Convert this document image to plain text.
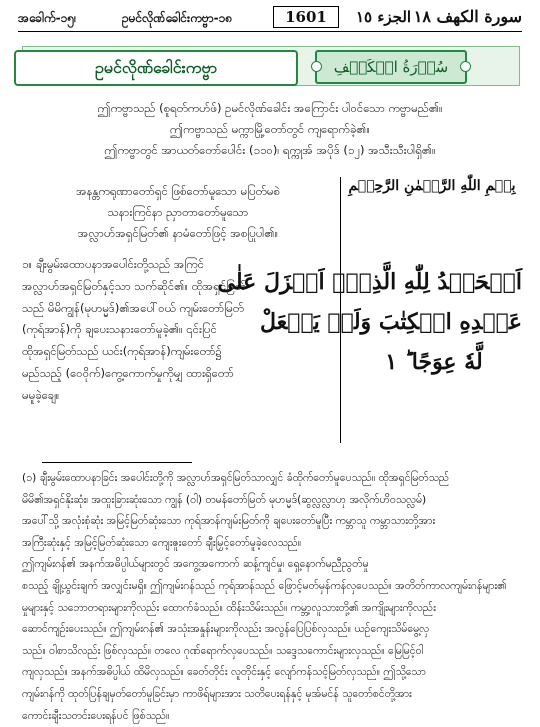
အခေါက်-၁၅၊	ဥမင်လိုဏ်ခေါင်းကဗ္ဗာ-၁၈	1601	الجزء ١٥ سورة الكهف ١٨
ဥမင်လိုဏ်ခေါင်းကဗ္ဗာ	سُوۡرَةُ الۡكَهۡفِ
ဤကဗ္ဗာသည် (စူရတ်ကဟ်ဖ်) ဥမင်လိုဏ်ခေါင်း အကြောင်း ပါဝင်သော ကဗ္ဗာမည်၏။
ဤကဗ္ဗာသည် မက္ကာမြို့တော်တွင် ကျရောက်ခဲ့၏။
ဤကဗ္ဗာတွင် အာယတ်တော်ပေါင်း (၁၁၀)၊ ရက္ကုအ် အပိုဒ် (၁၂) အသီးသီးပါရှိ၏။
အနန္တကရုဏာတော်ရှင် ဖြစ်တော်မူသော မပြတ်မစဲ
သနားကြင်နာ ညှာတာတော်မူသော
အလ္လာဟ်အရှင်မြတ်၏ နာမံတော်ဖြင့် အစပြုပါ၏။
بِسۡمِ اللّٰهِ الرَّحۡمٰنِ الرَّحِيۡمِ
၁။ ချီးမွမ်းထောပနာအပေါင်းတို့သည် အကြင်
အလ္လာဟ်အရှင်မြတ်နှင့်သာ သက်ဆိုင်၏။ ထိုအရှင်မြတ်
သည် မိမိကျွန်(မုဟမ္မဒ်)၏အပေါ်ဝယ် ကျမ်းတော်မြတ်
(ကုရ်အာန်)ကို ချပေးသနားတော်မူခဲ့၏။ ၎င်းပြင်
ထိုအရှင်မြတ်သည် ယင်း(ကုရ်အာန်)ကျမ်းတော်၌
မည်သည့် (ဝေဝိုက်)ကွေ့ကောက်မှုကိုမျှ ထားရှိတော်
မမူခဲ့ချေ။
اَلۡحَمۡدُ لِلّٰهِ الَّذِىۡۤ اَنۡزَلَ عَلٰى
عَبۡدِهِ الۡكِتٰبَ وَلَمۡ يَجۡعَلْ
لَّهٗ عِوَجًا ؕ ۱
(၁) ချီးမွမ်းထောပနာခြင်း အပေါင်းတို့ကို အလ္လာဟ်အရှင်မြတ်သာလျှင် ခံထိုက်တော်မူပေသည်။ ထိုအရှင်မြတ်သည်
မိမိ၏အရှင်နိုးဆုံး၊ အထူးခြားဆုံးသော ကျွန် (ဝါ) တမန်တော်မြတ် မုဟမ္မဒ်(ဆွလ္လလ္လာဟု အလိုက်ဟိဝသလ္လမ်)
အပေါ်သို့ အလုံးစုံဆုံး အမြင့်မြတ်ဆုံးသော ကုရ်အာန်ကျမ်းမြတ်ကို ချပေးတော်မူပြီး ကမ္ဘာသူ ကမ္ဘာသားတို့အား
အကြီးဆုံးနှင့် အမြင့်မြတ်ဆုံးသော ကျေးဇူးတော် ချီးမြှင့်တော်မူခဲ့လေသည်။
ဤကျမ်းဂန်၏ အနက်အဓိပ္ပါယ်များတွင် အကွေ့အကောက် ဆန့်ကျင်မှု၊ ရှေ့နောက်မညီညွတ်မှု
စသည့် ချို့ယွင်းချက် အလျှင်းမရှိ။ ဤကျမ်းဂန်သည် ကုရ်အာန်သည် ဖြောင့်မတ်မှန်ကန်လှပေသည်။ အတိတ်ကာလကျမ်းဂန်များ၏
မှုများနှင့် သဘောတရားများကိုလည်း ထောက်ခံသည်။ ထိန်းသိမ်းသည်။ ကမ္ဘာ့လူသားတို့၏ အကျိုးများကိုလည်း
ဆောင်ကျဉ်းပေးသည်။ ဤကျမ်းဂန်၏ အသုံးအနှုန်းများကိုလည်း အလွန်ပြေပြစ်လှသည်။ ယဉ်ကျေးသိမ်မွေ့လှ
သည်။ ဝါစာသိလည်း ဖြစ်လှသည်။ တလေ ဂုဏ်ရောက်လှပေသည်။ သဒ္ဒေသကောင်းများလှသည်။ မြေမြင့်ဝါ
ကျလှသည်။ အနက်အဓိပ္ပါယ် ထိမိလှသည်။ ခေတ်တိုင်း လူတိုင်းနှင့် လျော်ကန်သင့်မြတ်လှသည်။ ဤသို့သော
ကျမ်းဂန်ကို ထုတ်ပြန်ချမှတ်တော်မူခြင်းမှာ ကာဖိရ်များအား သတိပေးရန်နှင့် မုအ်မင်န် သူတော်စင်တို့အား
ကောင်းချီးသတင်းပေးရန်ပင် ဖြစ်သည်။
